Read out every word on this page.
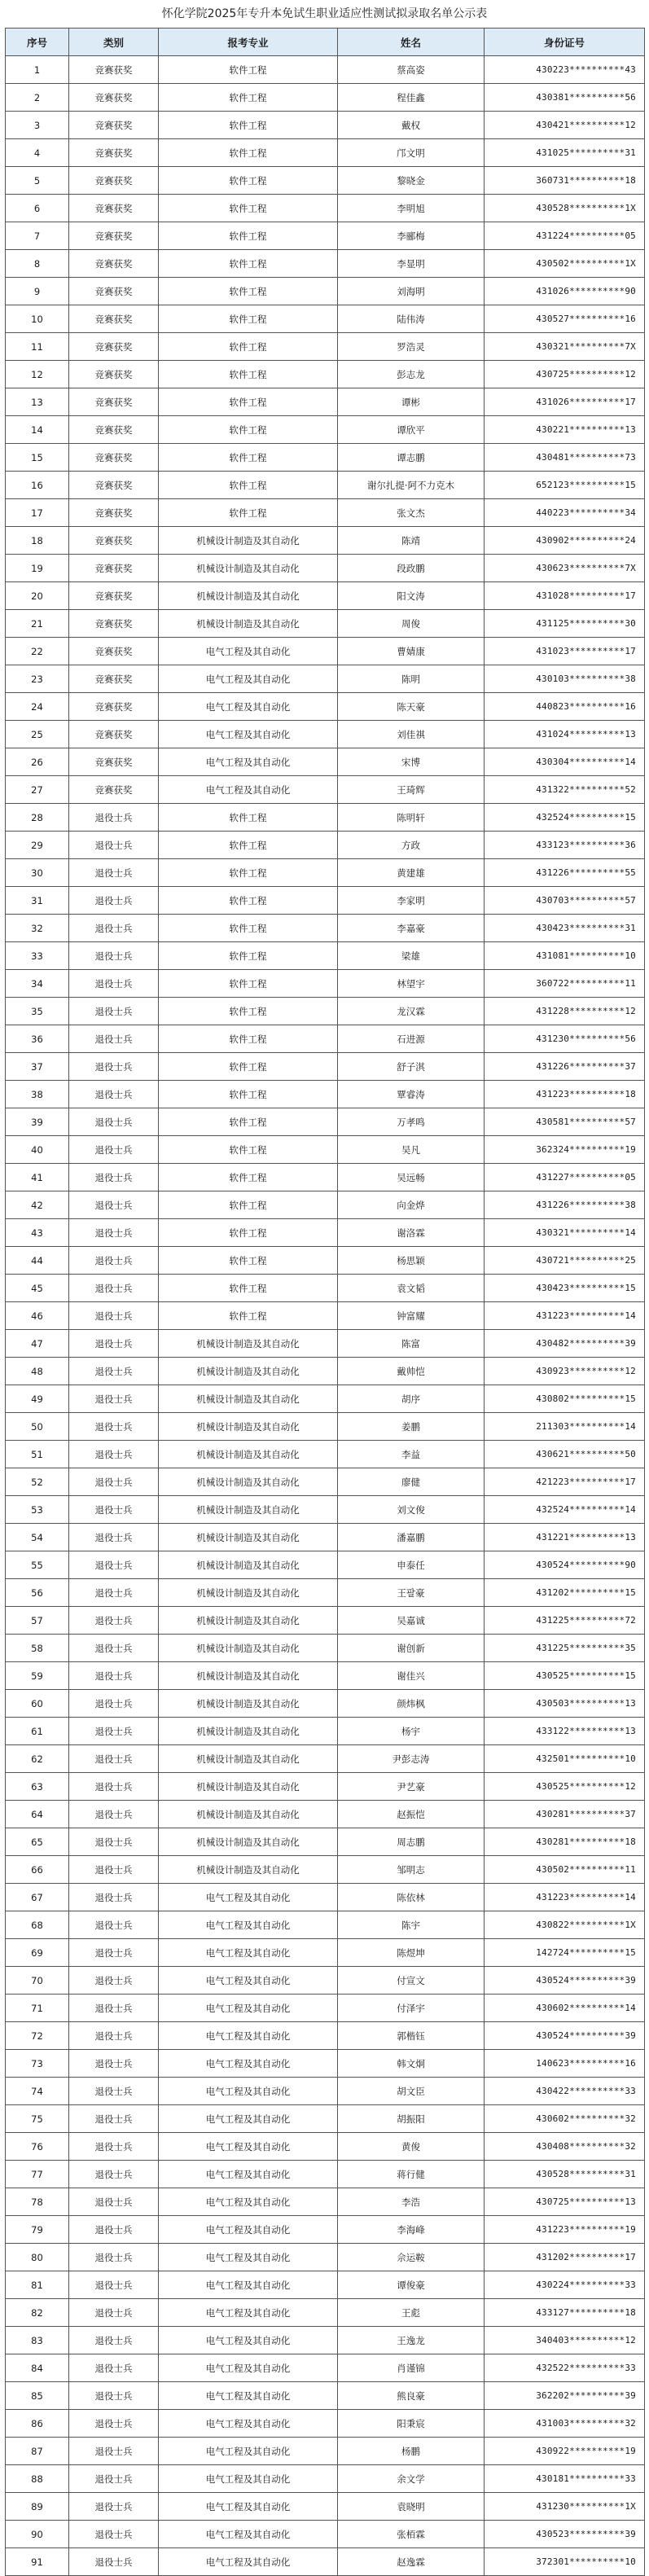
怀化学院2025年专升本免试生职业适应性测试拟录取名单公示表
序号	类别	报考专业	姓名	身份证号
1	竞赛获奖	软件工程	蔡高姿	430223**********43
2	竞赛获奖	软件工程	程佳鑫	430381**********56
3	竞赛获奖	软件工程	戴权	430421**********12
4	竞赛获奖	软件工程	邝文明	431025**********31
5	竞赛获奖	软件工程	黎晓金	360731**********18
6	竞赛获奖	软件工程	李明旭	430528**********1X
7	竞赛获奖	软件工程	李郦梅	431224**********05
8	竞赛获奖	软件工程	李显明	430502**********1X
9	竞赛获奖	软件工程	刘海明	431026**********90
10	竞赛获奖	软件工程	陆伟涛	430527**********16
11	竞赛获奖	软件工程	罗浩灵	430321**********7X
12	竞赛获奖	软件工程	彭志龙	430725**********12
13	竞赛获奖	软件工程	谭彬	431026**********17
14	竞赛获奖	软件工程	谭欣平	430221**********13
15	竞赛获奖	软件工程	谭志鹏	430481**********73
16	竞赛获奖	软件工程	谢尔扎提·阿不力克木	652123**********15
17	竞赛获奖	软件工程	张文杰	440223**********34
18	竞赛获奖	机械设计制造及其自动化	陈靖	430902**********24
19	竞赛获奖	机械设计制造及其自动化	段政鹏	430623**********7X
20	竞赛获奖	机械设计制造及其自动化	阳文涛	431028**********17
21	竞赛获奖	机械设计制造及其自动化	周俊	431125**********30
22	竞赛获奖	电气工程及其自动化	曹婧康	431023**********17
23	竞赛获奖	电气工程及其自动化	陈明	430103**********38
24	竞赛获奖	电气工程及其自动化	陈天豪	440823**********16
25	竞赛获奖	电气工程及其自动化	刘佳祺	431024**********13
26	竞赛获奖	电气工程及其自动化	宋博	430304**********14
27	竞赛获奖	电气工程及其自动化	王琦辉	431322**********52
28	退役士兵	软件工程	陈明轩	432524**********15
29	退役士兵	软件工程	方政	433123**********36
30	退役士兵	软件工程	黄建雄	431226**********55
31	退役士兵	软件工程	李家明	430703**********57
32	退役士兵	软件工程	李嘉豪	430423**********31
33	退役士兵	软件工程	梁雄	431081**********10
34	退役士兵	软件工程	林望宇	360722**********11
35	退役士兵	软件工程	龙汉霖	431228**********12
36	退役士兵	软件工程	石进源	431230**********56
37	退役士兵	软件工程	舒子淇	431226**********37
38	退役士兵	软件工程	覃睿涛	431223**********18
39	退役士兵	软件工程	万孝鸣	430581**********57
40	退役士兵	软件工程	吴凡	362324**********19
41	退役士兵	软件工程	吴远畅	431227**********05
42	退役士兵	软件工程	向金烨	431226**********38
43	退役士兵	软件工程	谢洛霖	430321**********14
44	退役士兵	软件工程	杨思颖	430721**********25
45	退役士兵	软件工程	袁文韬	430423**********15
46	退役士兵	软件工程	钟富耀	431223**********14
47	退役士兵	机械设计制造及其自动化	陈富	430482**********39
48	退役士兵	机械设计制造及其自动化	戴帅恺	430923**********12
49	退役士兵	机械设计制造及其自动化	胡序	430802**********15
50	退役士兵	机械设计制造及其自动化	姜鹏	211303**********14
51	退役士兵	机械设计制造及其自动化	李益	430621**********50
52	退役士兵	机械设计制造及其自动化	廖健	421223**********17
53	退役士兵	机械设计制造及其自动化	刘文俊	432524**********14
54	退役士兵	机械设计制造及其自动化	潘嘉鹏	431221**********13
55	退役士兵	机械设计制造及其自动化	申泰任	430524**********90
56	退役士兵	机械设计制造及其自动化	王팔豪	431202**********15
57	退役士兵	机械设计制造及其自动化	吴嘉诚	431225**********72
58	退役士兵	机械设计制造及其自动化	谢创新	431225**********35
59	退役士兵	机械设计制造及其自动化	谢佳兴	430525**********15
60	退役士兵	机械设计制造及其自动化	颜炜枫	430503**********13
61	退役士兵	机械设计制造及其自动化	杨宇	433122**********13
62	退役士兵	机械设计制造及其自动化	尹彭志涛	432501**********10
63	退役士兵	机械设计制造及其自动化	尹艺豪	430525**********12
64	退役士兵	机械设计制造及其自动化	赵振恺	430281**********37
65	退役士兵	机械设计制造及其自动化	周志鹏	430281**********18
66	退役士兵	机械设计制造及其自动化	邹明志	430502**********11
67	退役士兵	电气工程及其自动化	陈依林	431223**********14
68	退役士兵	电气工程及其自动化	陈宇	430822**********1X
69	退役士兵	电气工程及其自动化	陈煜坤	142724**********15
70	退役士兵	电气工程及其自动化	付宣文	430524**********39
71	退役士兵	电气工程及其自动化	付泽宇	430602**********14
72	退役士兵	电气工程及其自动化	郭楷钰	430524**********39
73	退役士兵	电气工程及其自动化	韩文炯	140623**********16
74	退役士兵	电气工程及其自动化	胡文臣	430422**********33
75	退役士兵	电气工程及其自动化	胡振阳	430602**********32
76	退役士兵	电气工程及其自动化	黄俊	430408**********32
77	退役士兵	电气工程及其自动化	蒋行健	430528**********31
78	退役士兵	电气工程及其自动化	李浩	430725**********13
79	退役士兵	电气工程及其自动化	李海峰	431223**********19
80	退役士兵	电气工程及其自动化	佘运鞍	431202**********17
81	退役士兵	电气工程及其自动化	谭俊豪	430224**********33
82	退役士兵	电气工程及其自动化	王彪	433127**********18
83	退役士兵	电气工程及其自动化	王逸龙	340403**********12
84	退役士兵	电气工程及其自动化	肖谨锦	432522**********33
85	退役士兵	电气工程及其自动化	熊良豪	362202**********39
86	退役士兵	电气工程及其自动化	阳秉宸	431003**********32
87	退役士兵	电气工程及其自动化	杨鹏	430922**********19
88	退役士兵	电气工程及其自动化	余文学	430181**********33
89	退役士兵	电气工程及其自动化	袁晓明	431230**********1X
90	退役士兵	电气工程及其自动化	张栢霖	430523**********39
91	退役士兵	电气工程及其自动化	赵逸霖	372301**********10
